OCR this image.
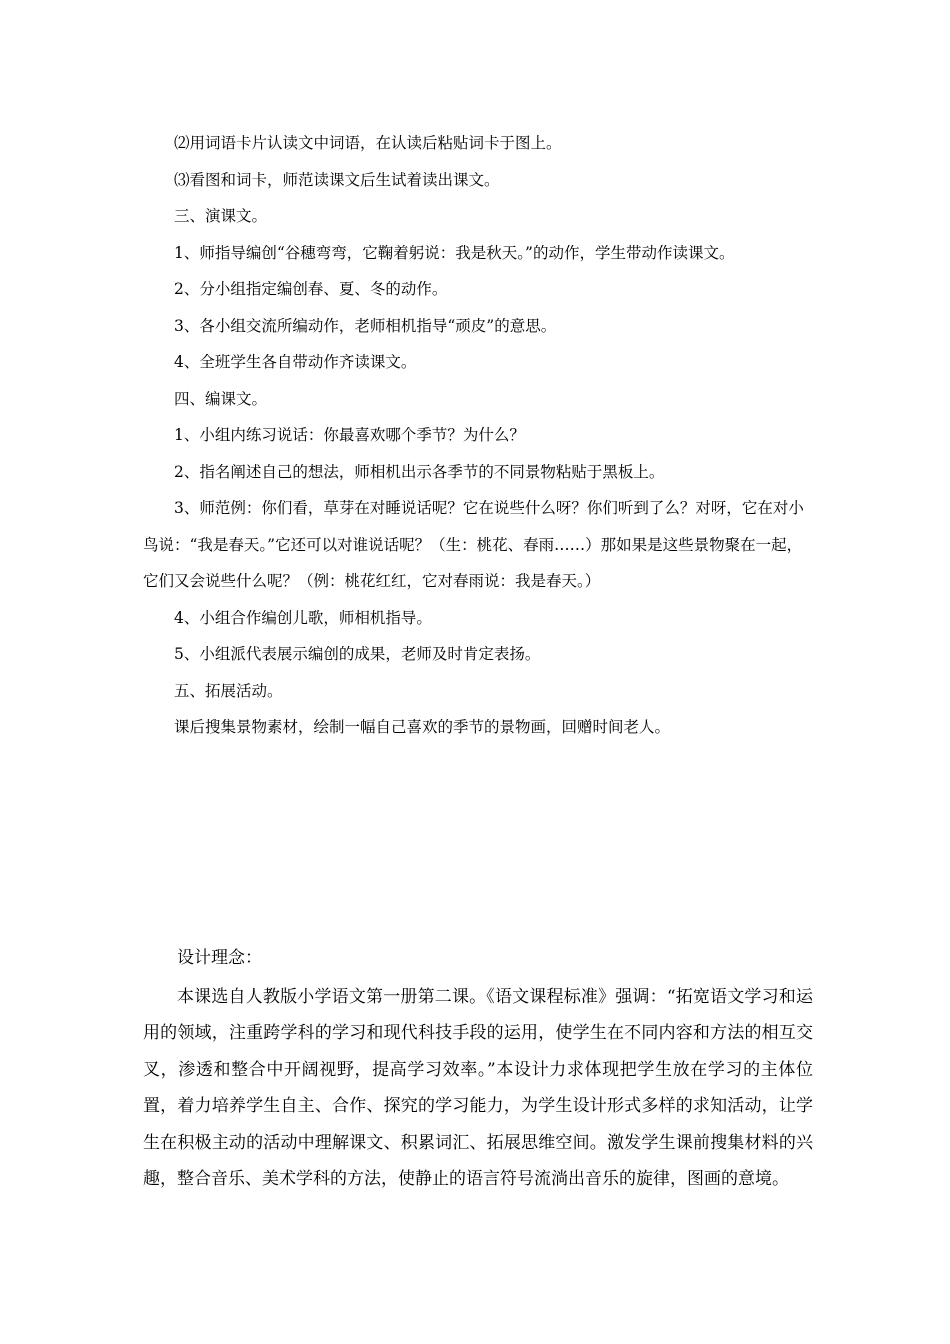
⑵用词语卡片认读文中词语，在认读后粘贴词卡于图上。

⑶看图和词卡，师范读课文后生试着读出课文。

三、演课文。

1、师指导编创“谷穗弯弯，它鞠着躬说：我是秋天。”的动作，学生带动作读课文。

2、分小组指定编创春、夏、冬的动作。

3、各小组交流所编动作，老师相机指导“顽皮”的意思。

4、全班学生各自带动作齐读课文。

四、编课文。

1、小组内练习说话：你最喜欢哪个季节？为什么？

2、指名阐述自己的想法，师相机出示各季节的不同景物粘贴于黑板上。

3、师范例：你们看，草芽在对睡说话呢？它在说些什么呀？你们听到了么？对呀，它在对小鸟说：“我是春天。”它还可以对谁说话呢？（生：桃花、春雨……）那如果是这些景物聚在一起，它们又会说些什么呢？（例：桃花红红，它对春雨说：我是春天。）

4、小组合作编创儿歌，师相机指导。

5、小组派代表展示编创的成果，老师及时肯定表扬。

五、拓展活动。

课后搜集景物素材，绘制一幅自己喜欢的季节的景物画，回赠时间老人。

设计理念：

本课选自人教版小学语文第一册第二课。《语文课程标准》强调：“拓宽语文学习和运用的领域，注重跨学科的学习和现代科技手段的运用，使学生在不同内容和方法的相互交叉，渗透和整合中开阔视野，提高学习效率。”本设计力求体现把学生放在学习的主体位置，着力培养学生自主、合作、探究的学习能力，为学生设计形式多样的求知活动，让学生在积极主动的活动中理解课文、积累词汇、拓展思维空间。激发学生课前搜集材料的兴趣，整合音乐、美术学科的方法，使静止的语言符号流淌出音乐的旋律，图画的意境。
